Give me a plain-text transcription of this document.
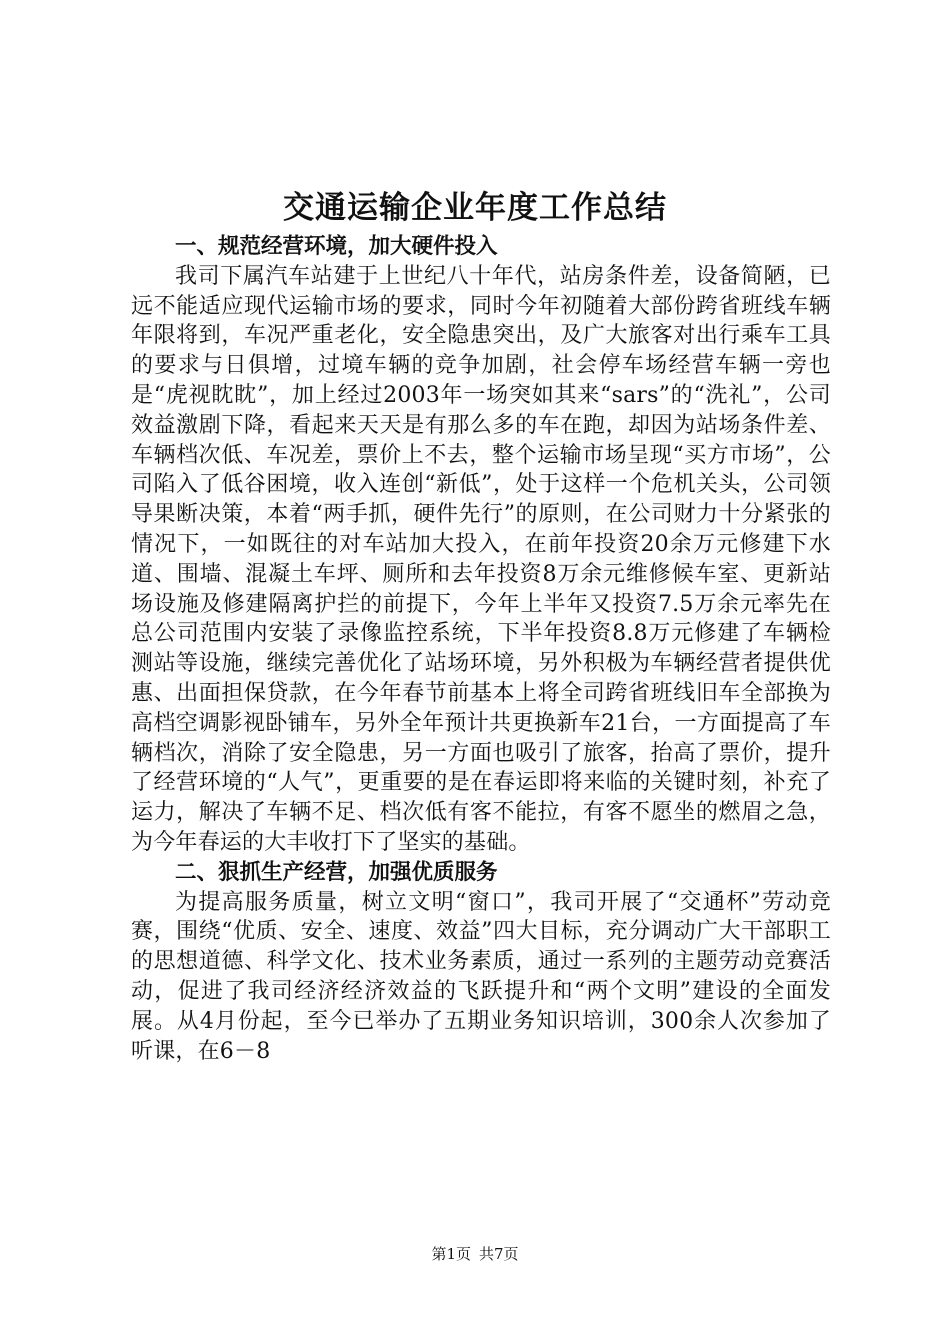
交通运输企业年度工作总结

一、规范经营环境，加大硬件投入

我司下属汽车站建于上世纪八十年代，站房条件差，设备简陋，已远不能适应现代运输市场的要求，同时今年初随着大部份跨省班线车辆年限将到，车况严重老化，安全隐患突出，及广大旅客对出行乘车工具的要求与日俱增，过境车辆的竞争加剧，社会停车场经营车辆一旁也是“虎视眈眈”，加上经过2003年一场突如其来“sars”的“洗礼”，公司效益激剧下降，看起来天天是有那么多的车在跑，却因为站场条件差、车辆档次低、车况差，票价上不去，整个运输市场呈现“买方市场”，公司陷入了低谷困境，收入连创“新低”，处于这样一个危机关头，公司领导果断决策，本着“两手抓，硬件先行”的原则，在公司财力十分紧张的情况下，一如既往的对车站加大投入，在前年投资20余万元修建下水道、围墙、混凝土车坪、厕所和去年投资8万余元维修候车室、更新站场设施及修建隔离护拦的前提下，今年上半年又投资7.5万余元率先在总公司范围内安装了录像监控系统，下半年投资8.8万元修建了车辆检测站等设施，继续完善优化了站场环境，另外积极为车辆经营者提供优惠、出面担保贷款，在今年春节前基本上将全司跨省班线旧车全部换为高档空调影视卧铺车，另外全年预计共更换新车21台，一方面提高了车辆档次，消除了安全隐患，另一方面也吸引了旅客，抬高了票价，提升了经营环境的“人气”，更重要的是在春运即将来临的关键时刻，补充了运力，解决了车辆不足、档次低有客不能拉，有客不愿坐的燃眉之急，为今年春运的大丰收打下了坚实的基础。

二、狠抓生产经营，加强优质服务

为提高服务质量，树立文明“窗口”，我司开展了“交通杯”劳动竞赛，围绕“优质、安全、速度、效益”四大目标，充分调动广大干部职工的思想道德、科学文化、技术业务素质，通过一系列的主题劳动竞赛活动，促进了我司经济经济效益的飞跃提升和“两个文明”建设的全面发展。从4月份起，至今已举办了五期业务知识培训，300余人次参加了听课，在6－8

第1页 共7页
